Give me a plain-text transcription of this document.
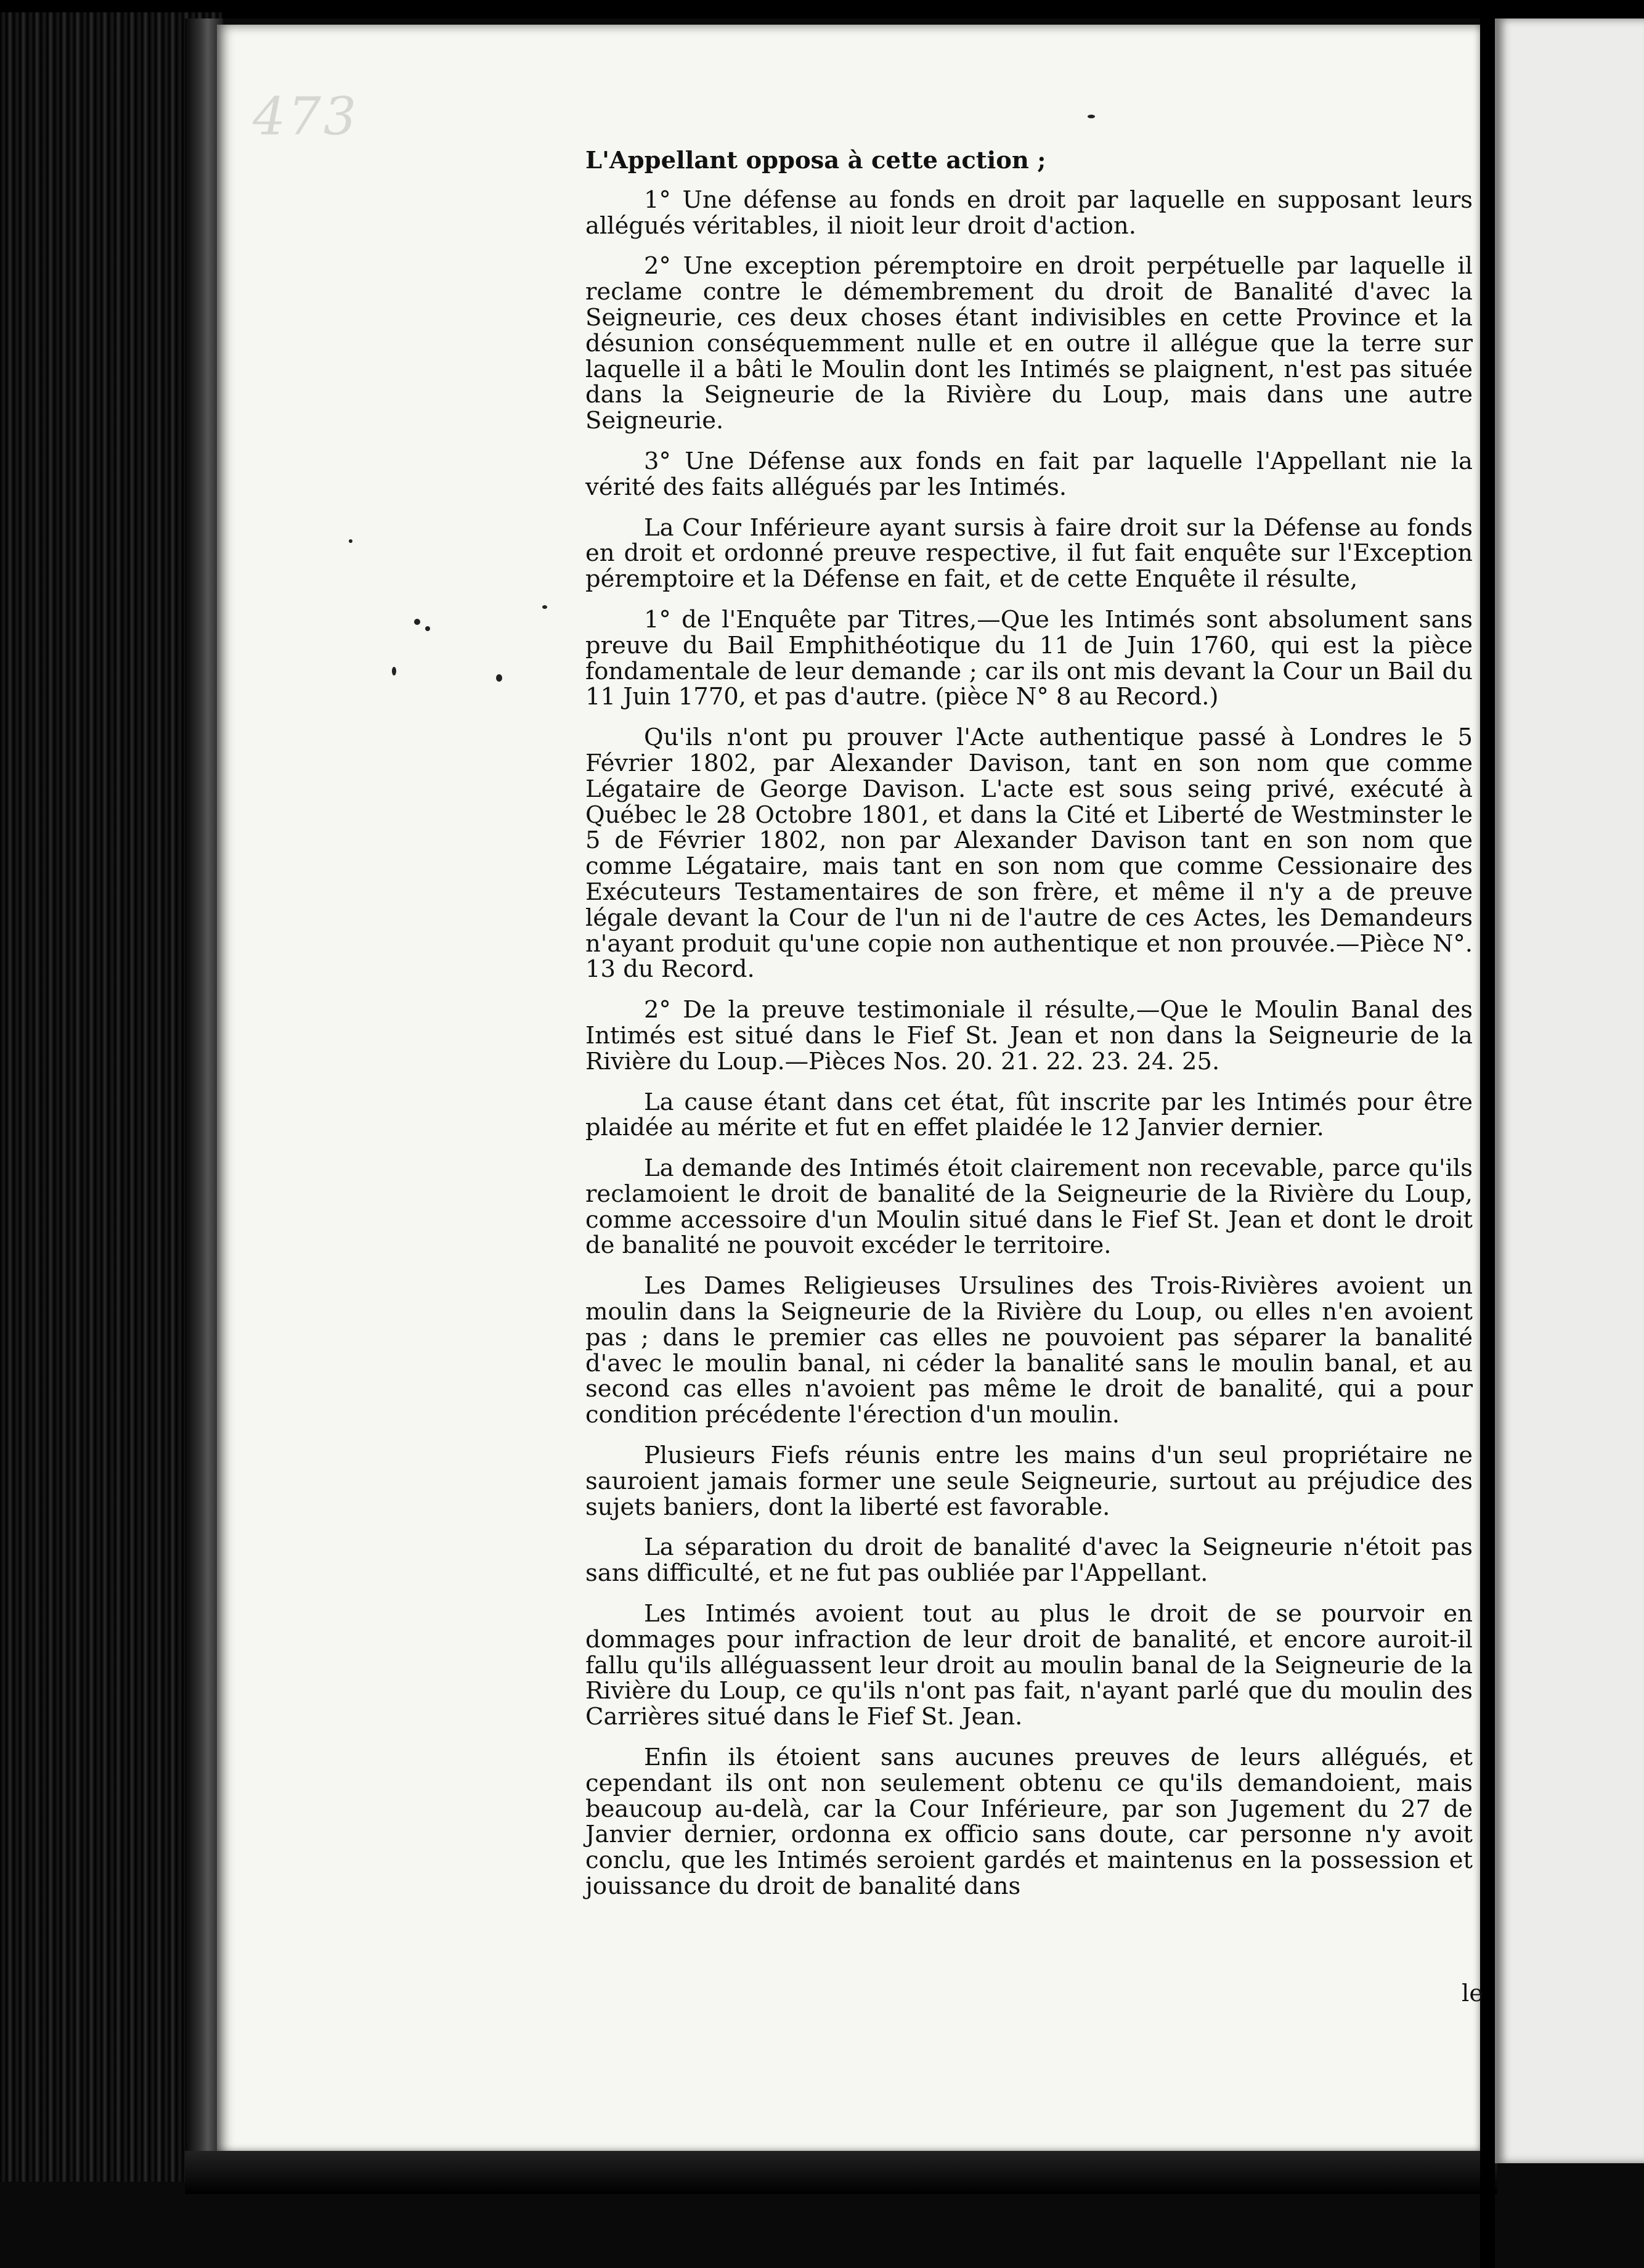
473

L'Appellant opposa à cette action ;

1° Une défense au fonds en droit par laquelle en supposant leurs allégués véritables, il nioit leur droit d'action.

2° Une exception péremptoire en droit perpétuelle par laquelle il reclame contre le démembrement du droit de Banalité d'avec la Seigneurie, ces deux choses étant indivisibles en cette Province et la désunion conséquemment nulle et en outre il allégue que la terre sur laquelle il a bâti le Moulin dont les Intimés se plaignent, n'est pas située dans la Seigneurie de la Rivière du Loup, mais dans une autre Seigneurie.

3° Une Défense aux fonds en fait par laquelle l'Appellant nie la vérité des faits allégués par les Intimés.

La Cour Inférieure ayant sursis à faire droit sur la Défense au fonds en droit et ordonné preuve respective, il fut fait enquête sur l'Exception péremptoire et la Défense en fait, et de cette Enquête il résulte,

1° de l'Enquête par Titres,—Que les Intimés sont absolument sans preuve du Bail Emphithéotique du 11 de Juin 1760, qui est la pièce fondamentale de leur demande ; car ils ont mis devant la Cour un Bail du 11 Juin 1770, et pas d'autre. (pièce N° 8 au Record.)

Qu'ils n'ont pu prouver l'Acte authentique passé à Londres le 5 Février 1802, par Alexander Davison, tant en son nom que comme Légataire de George Davison. L'acte est sous seing privé, exécuté à Québec le 28 Octobre 1801, et dans la Cité et Liberté de Westminster le 5 de Février 1802, non par Alexander Davison tant en son nom que comme Légataire, mais tant en son nom que comme Cessionaire des Exécuteurs Testamentaires de son frère, et même il n'y a de preuve légale devant la Cour de l'un ni de l'autre de ces Actes, les Demandeurs n'ayant produit qu'une copie non authentique et non prouvée.—Pièce N°. 13 du Record.

2° De la preuve testimoniale il résulte,—Que le Moulin Banal des Intimés est situé dans le Fief St. Jean et non dans la Seigneurie de la Rivière du Loup.—Pièces Nos. 20. 21. 22. 23. 24. 25.

La cause étant dans cet état, fût inscrite par les Intimés pour être plaidée au mérite et fut en effet plaidée le 12 Janvier dernier.

La demande des Intimés étoit clairement non recevable, parce qu'ils reclamoient le droit de banalité de la Seigneurie de la Rivière du Loup, comme accessoire d'un Moulin situé dans le Fief St. Jean et dont le droit de banalité ne pouvoit excéder le territoire.

Les Dames Religieuses Ursulines des Trois-Rivières avoient un moulin dans la Seigneurie de la Rivière du Loup, ou elles n'en avoient pas ; dans le premier cas elles ne pouvoient pas séparer la banalité d'avec le moulin banal, ni céder la banalité sans le moulin banal, et au second cas elles n'avoient pas même le droit de banalité, qui a pour condition précédente l'érection d'un moulin.

Plusieurs Fiefs réunis entre les mains d'un seul propriétaire ne sauroient jamais former une seule Seigneurie, surtout au préjudice des sujets baniers, dont la liberté est favorable.

La séparation du droit de banalité d'avec la Seigneurie n'étoit pas sans difficulté, et ne fut pas oubliée par l'Appellant.

Les Intimés avoient tout au plus le droit de se pourvoir en dommages pour infraction de leur droit de banalité, et encore auroit-il fallu qu'ils alléguassent leur droit au moulin banal de la Seigneurie de la Rivière du Loup, ce qu'ils n'ont pas fait, n'ayant parlé que du moulin des Carrières situé dans le Fief St. Jean.

Enfin ils étoient sans aucunes preuves de leurs allégués, et cependant ils ont non seulement obtenu ce qu'ils demandoient, mais beaucoup au-delà, car la Cour Inférieure, par son Jugement du 27 de Janvier dernier, ordonna ex officio sans doute, car personne n'y avoit conclu, que les Intimés seroient gardés et maintenus en la possession et jouissance du droit de banalité dans

le
